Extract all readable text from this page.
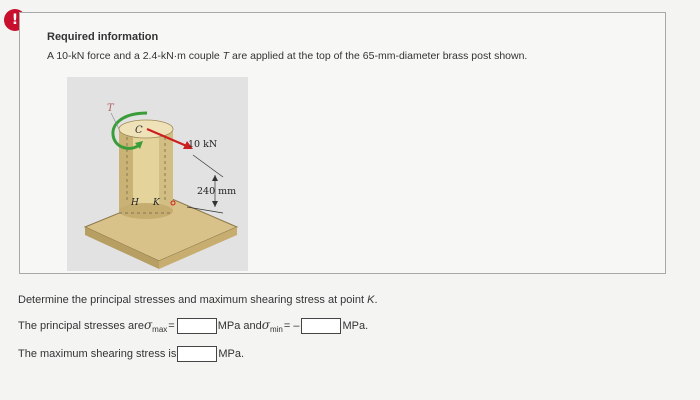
!
Required information
A 10-kN force and a 2.4-kN·m couple T are applied at the top of the 65-mm-diameter brass post shown.
T
C
10 kN
240 mm
H K
Determine the principal stresses and maximum shearing stress at point K.
The principal stresses are $\sigma_{max}$ =	MPa and $\sigma_{min}$ = –	MPa.
The maximum shearing stress is	MPa.
